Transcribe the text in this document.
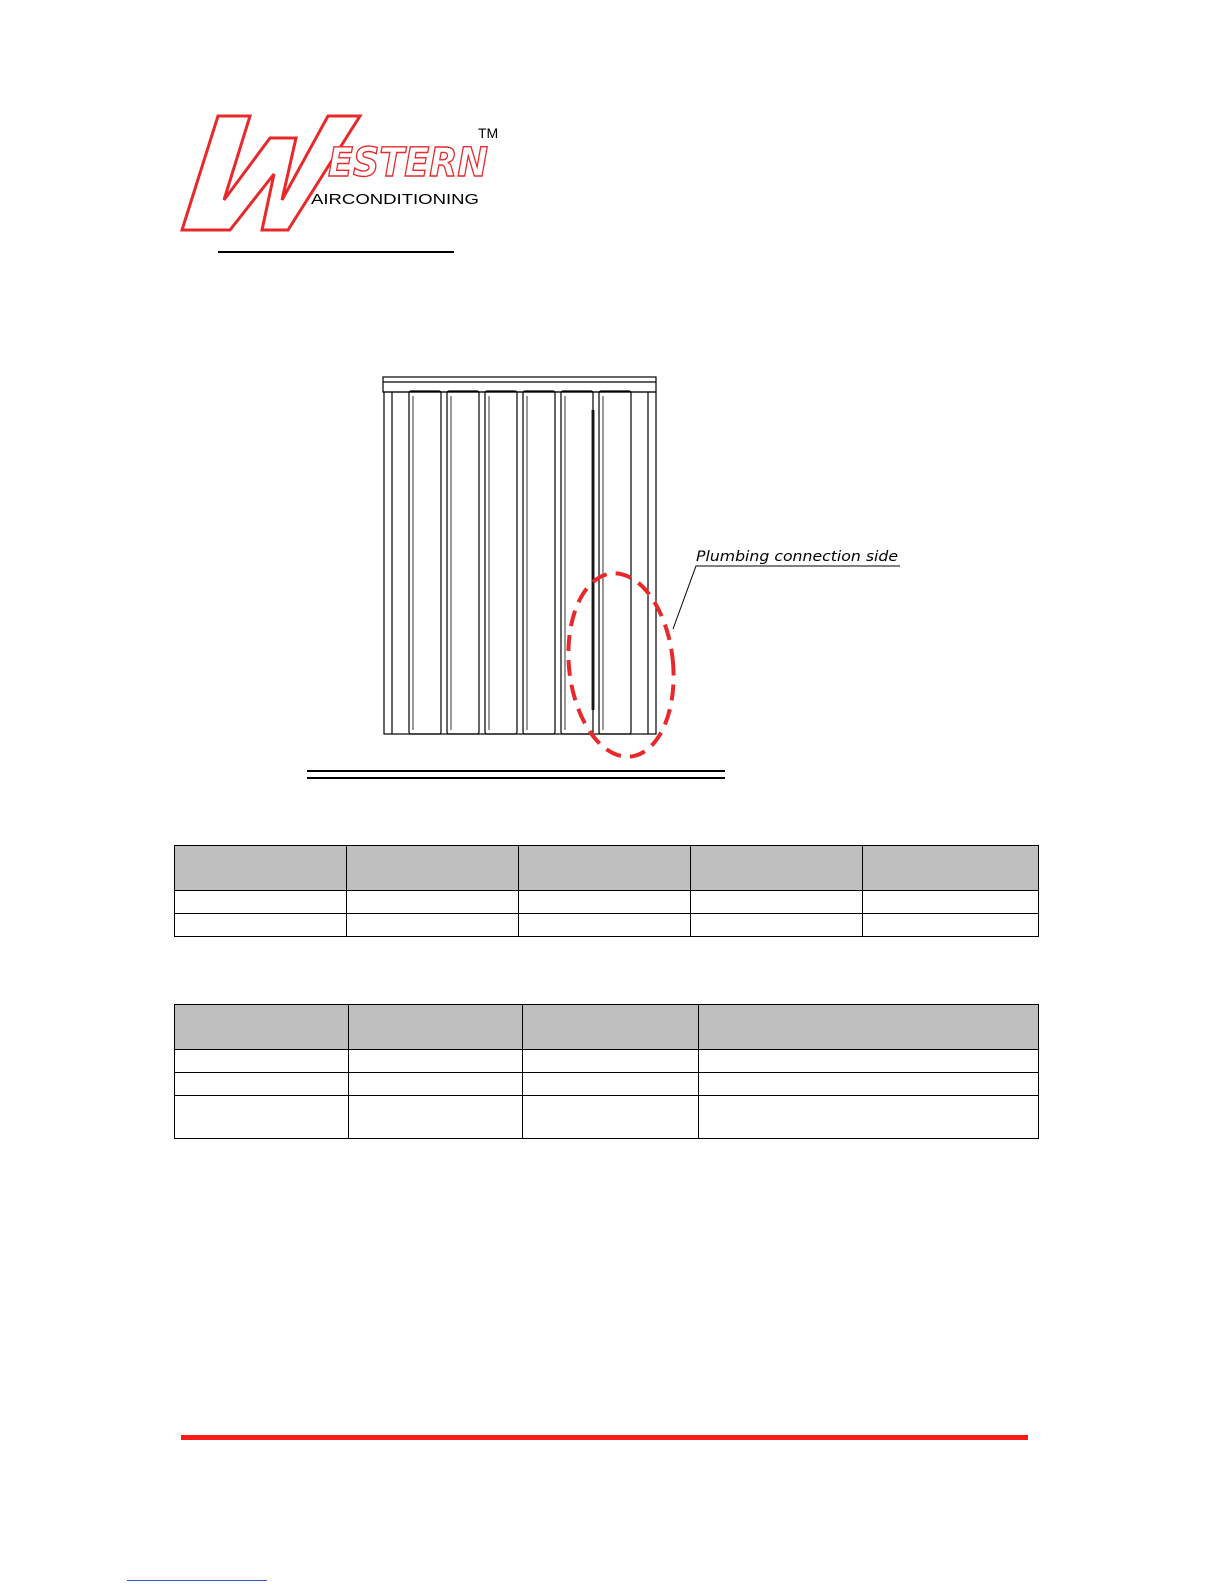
ESTERN
AIRCONDITIONING
TM
Plumbing connection side
